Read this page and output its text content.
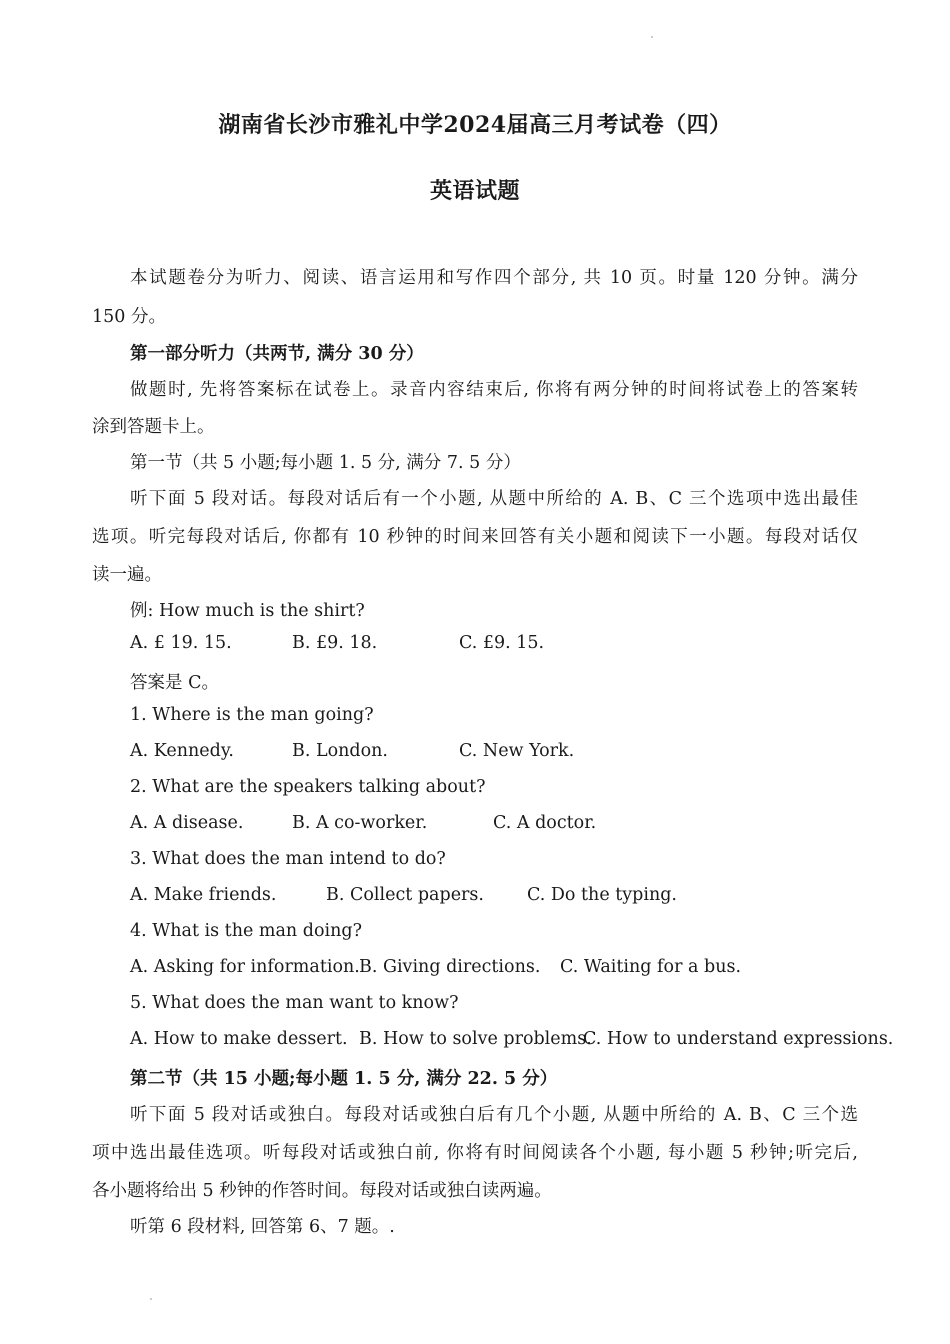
湖南省长沙市雅礼中学2024届高三月考试卷（四）
英语试题
本试题卷分为听力、阅读、语言运用和写作四个部分, 共 10 页。时量 120 分钟。满分
150 分。
第一部分听力（共两节, 满分 30 分）
做题时, 先将答案标在试卷上。录音内容结束后, 你将有两分钟的时间将试卷上的答案转
涂到答题卡上。
第一节（共 5 小题;每小题 1. 5 分, 满分 7. 5 分）
听下面 5 段对话。每段对话后有一个小题, 从题中所给的 A. B、C 三个选项中选出最佳
选项。听完每段对话后, 你都有 10 秒钟的时间来回答有关小题和阅读下一小题。每段对话仅
读一遍。
例: How much is the shirt?
A. £ 19. 15.	B. £9. 18.	C. £9. 15.
答案是 C。
1. Where is the man going?
A. Kennedy.	B. London.	C. New York.
2. What are the speakers talking about?
A. A disease.	B. A co-worker.	C. A doctor.
3. What does the man intend to do?
A. Make friends.	B. Collect papers. C. Do the typing.
4. What is the man doing?
A. Asking for information. B. Giving directions. C. Waiting for a bus.
5. What does the man want to know?
A. How to make dessert. B. How to solve problems.
C. How to understand expressions.
第二节（共 15 小题;每小题 1. 5 分, 满分 22. 5 分）
听下面 5 段对话或独白。每段对话或独白后有几个小题, 从题中所给的 A. B、C 三个选
项中选出最佳选项。听每段对话或独白前, 你将有时间阅读各个小题, 每小题 5 秒钟;听完后,
各小题将给出 5 秒钟的作答时间。每段对话或独白读两遍。
听第 6 段材料, 回答第 6、7 题。.
